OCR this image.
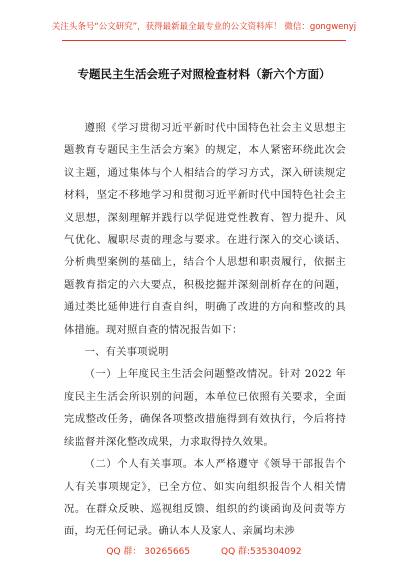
关注头条号“公文研究”，获得最新最全最专业的公文资料库！ 微信：gongwenyj
专题民主生活会班子对照检查材料（新六个方面）

遵照《学习贯彻习近平新时代中国特色社会主义思想主题教育专题民主生活会方案》的规定，本人紧密环绕此次会议主题，通过集体与个人相结合的学习方式，深入研读规定材料，坚定不移地学习和贯彻习近平新时代中国特色社会主义思想，深刻理解并践行以学促进党性教育、智力提升、风气优化、履职尽责的理念与要求。在进行深入的交心谈话、分析典型案例的基础上，结合个人思想和职责履行，依据主题教育指定的六大要点，积极挖掘并深刻剖析存在的问题，通过类比延伸进行自查自纠，明确了改进的方向和整改的具体措施。现对照自查的情况报告如下：

一、有关事项说明

（一）上年度民主生活会问题整改情况。针对 2022 年度民主生活会所识别的问题，本单位已依照有关要求，全面完成整改任务，确保各项整改措施得到有效执行，今后将持续监督并深化整改成果，力求取得持久效果。

（二）个人有关事项。本人严格遵守《领导干部报告个人有关事项规定》，已全方位、如实向组织报告个人相关情况。在群众反映、巡视组反馈、组织的约谈函询及问责等方面，均无任何记录。确认本人及家人、亲属均未涉

QQ 群： 30265665	QQ 群:535304092
